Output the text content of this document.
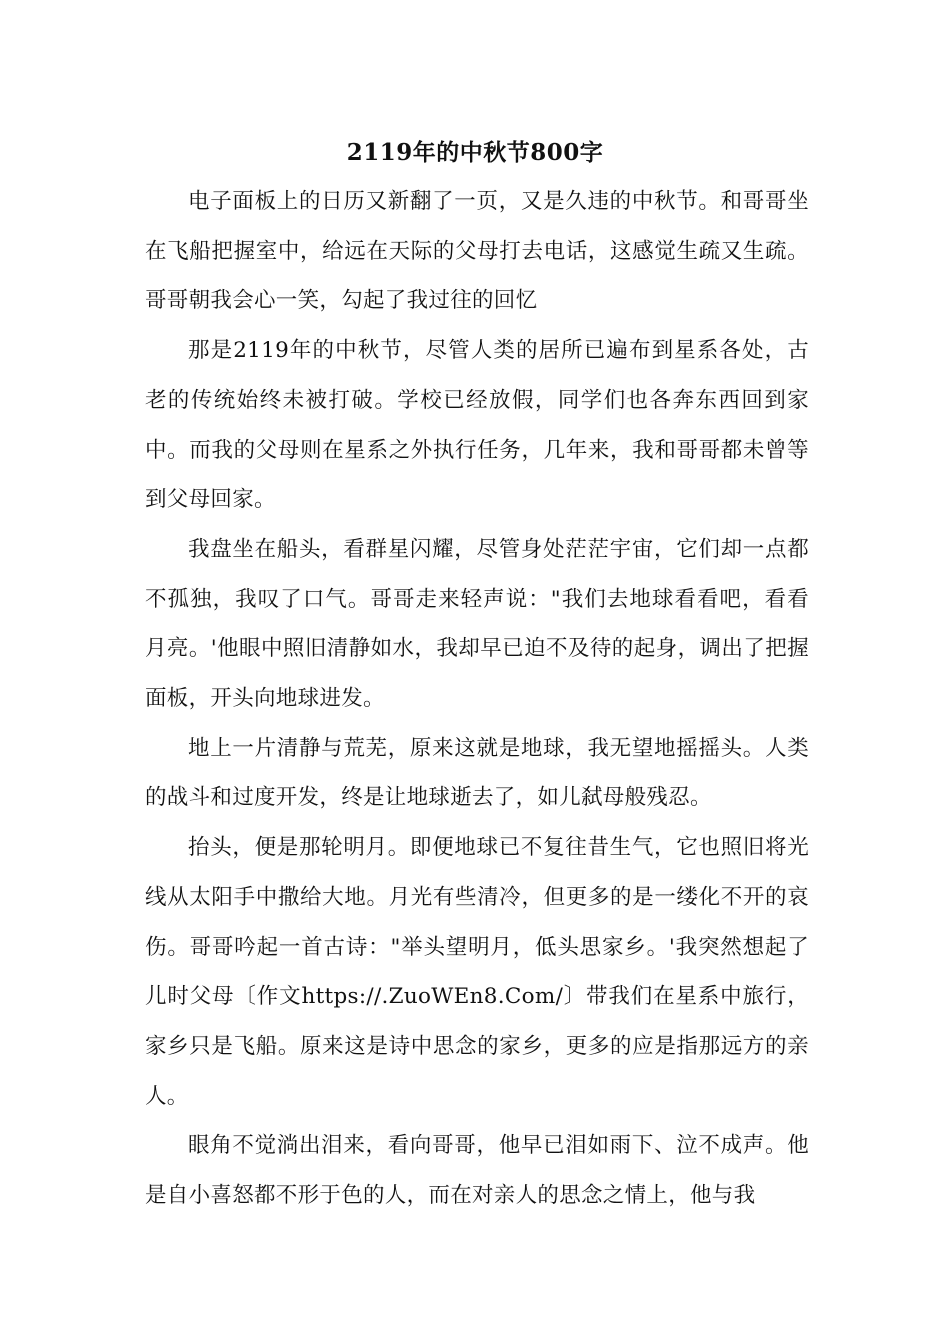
2119年的中秋节800字

电子面板上的日历又新翻了一页，又是久违的中秋节。和哥哥坐在飞船把握室中，给远在天际的父母打去电话，这感觉生疏又生疏。哥哥朝我会心一笑，勾起了我过往的回忆

那是2119年的中秋节，尽管人类的居所已遍布到星系各处，古老的传统始终未被打破。学校已经放假，同学们也各奔东西回到家中。而我的父母则在星系之外执行任务，几年来，我和哥哥都未曾等到父母回家。

我盘坐在船头，看群星闪耀，尽管身处茫茫宇宙，它们却一点都不孤独，我叹了口气。哥哥走来轻声说："我们去地球看看吧，看看月亮。'他眼中照旧清静如水，我却早已迫不及待的起身，调出了把握面板，开头向地球进发。

地上一片清静与荒芜，原来这就是地球，我无望地摇摇头。人类的战斗和过度开发，终是让地球逝去了，如儿弑母般残忍。

抬头，便是那轮明月。即便地球已不复往昔生气，它也照旧将光线从太阳手中撒给大地。月光有些清冷，但更多的是一缕化不开的哀伤。哥哥吟起一首古诗："举头望明月，低头思家乡。'我突然想起了儿时父母〔作文https://.ZuoWEn8.Com/〕带我们在星系中旅行，家乡只是飞船。原来这是诗中思念的家乡，更多的应是指那远方的亲人。

眼角不觉淌出泪来，看向哥哥，他早已泪如雨下、泣不成声。他是自小喜怒都不形于色的人，而在对亲人的思念之情上，他与我
